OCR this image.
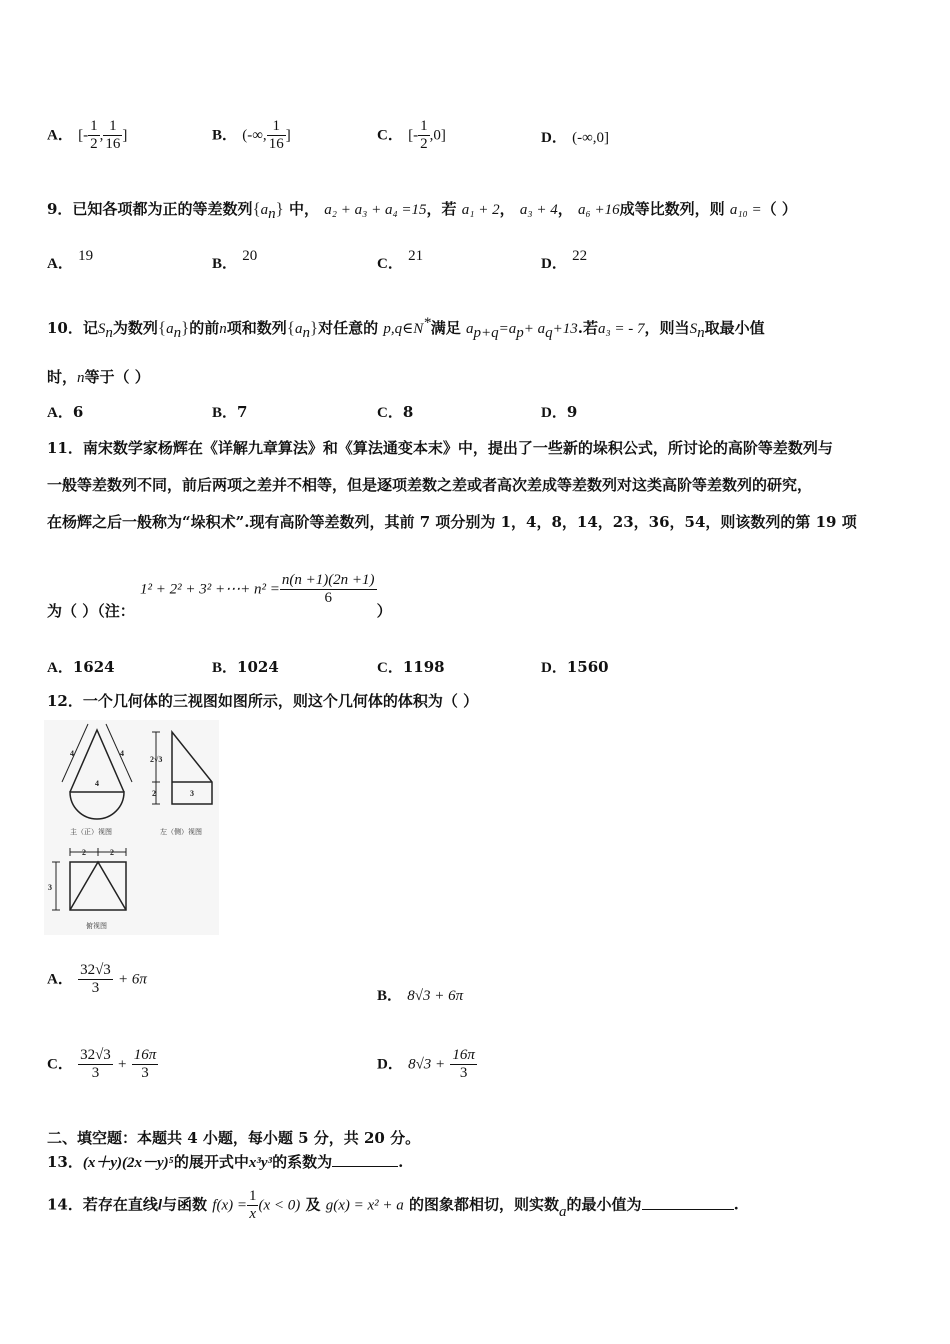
A． [- $\frac{1}{2}$ , $\frac{1}{16}$ ]	B． (-∞, $\frac{1}{16}$ ]	C． [- $\frac{1}{2} ,0$]	D． (-∞,0]
9．已知各项都为正的等差数列$\{a_n\}$ 中， a₂ + a₃ + a₄ =15，若 a₁ + 2， a₃ + 4， a₆ +16成等比数列，则 a₁₀ =（ ）
A． 19	B． 20	C． 21	D． 22
10．记$S_n$为数列$\{a_n\}$的前n项和数列$\{a_n\}$对任意的 p,q∈N*满足 $a_{p+q}=a_p+ a_q+13$.若a₃ = - 7，则当$S_n$取最小值
时，n等于（ ）
A．6	B．7	C．8	D．9
11．南宋数学家杨辉在《详解九章算法》和《算法通变本末》中，提出了一些新的垛积公式，所讨论的高阶等差数列与
一般等差数列不同，前后两项之差并不相等，但是逐项差数之差或者高次差成等差数列对这类高阶等差数列的研究，
在杨辉之后一般称为“垛积术”.现有高阶等差数列，其前 7 项分别为 1，4，8，14，23，36，54，则该数列的第 19 项
为（ ）（注： 1² + 2² + 3² +⋯+ $n^2 = \frac{n(n +1)(2n +1)}{6}$
）
A．1624	B．1024	C．1198	D．1560
12．一个几何体的三视图如图所示，则这个几何体的体积为（ ）
4	4
4
2√3
2	3
2	2
3
主（正）视图	左（侧）视图
俯视图
A． $\frac{32√3}{3} + 6\pi$
B． 8√3 + 6π
C． $\frac{32√3}{3} + \frac{16\pi}{3}$	D． $8√3 + \frac{16\pi}{3}$
二、填空题：本题共 4 小题，每小题 5 分，共 20 分。
13．(x＋y)(2x－y)⁵的展开式中x³y³的系数为	.
14．若存在直线l与函数 $f(x) = \frac{1}{x} (x < 0)$ 及 g(x) = x² + a 的图象都相切，则实数a的最小值为	.
